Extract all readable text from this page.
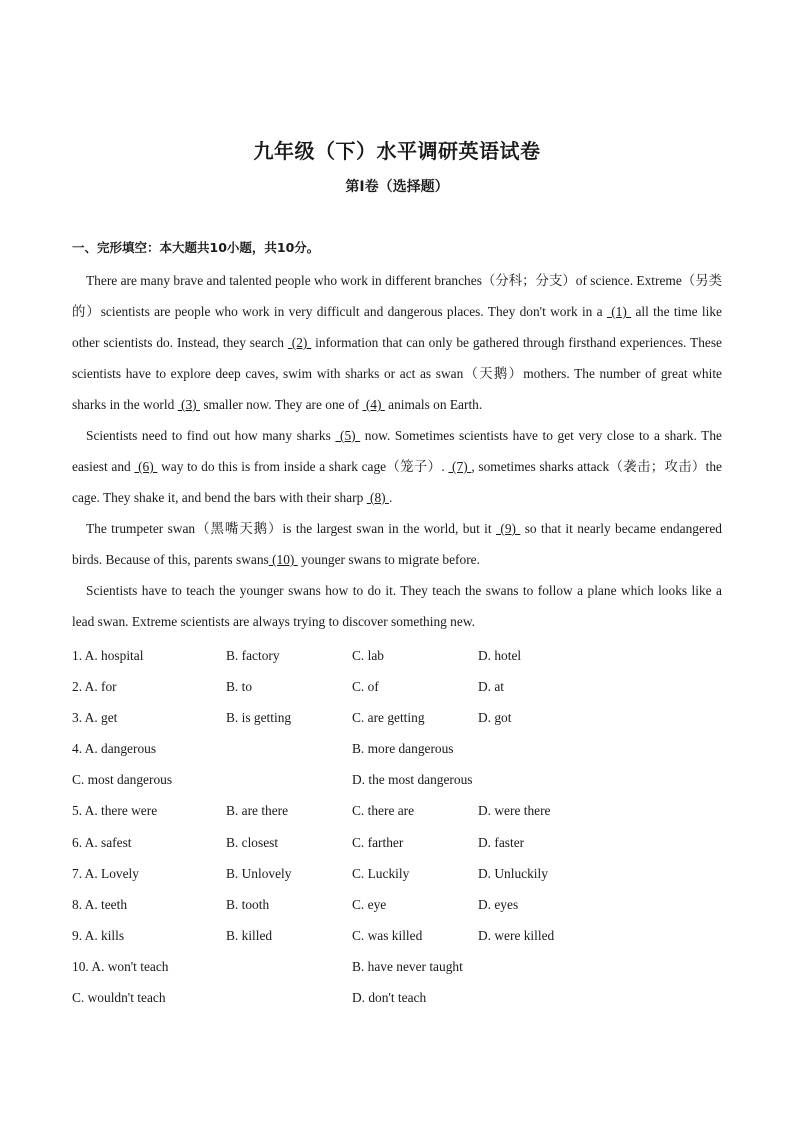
九年级（下）水平调研英语试卷
第Ⅰ卷（选择题）
一、完形填空：本大题共10小题，共10分。

There are many brave and talented people who work in different branches（分科；分支）of science. Extreme（另类的）scientists are people who work in very difficult and dangerous places. They don't work in a  (1)  all the time like other scientists do. Instead, they search  (2)  information that can only be gathered through firsthand experiences. These scientists have to explore deep caves, swim with sharks or act as swan（天鹅）mothers. The number of great white sharks in the world  (3)  smaller now. They are one of  (4)  animals on Earth.

Scientists need to find out how many sharks  (5)  now. Sometimes scientists have to get very close to a shark. The easiest and  (6)  way to do this is from inside a shark cage（笼子）.  (7) , sometimes sharks attack（袭击；攻击）the cage. They shake it, and bend the bars with their sharp  (8) .

The trumpeter swan（黑嘴天鹅）is the largest swan in the world, but it  (9)  so that it nearly became endangered birds. Because of this, parents swans (10)  younger swans to migrate before.

Scientists have to teach the younger swans how to do it. They teach the swans to follow a plane which looks like a lead swan. Extreme scientists are always trying to discover something new.

1. A. hospital	B. factory	C. lab	D. hotel
2. A. for	B. to	C. of	D. at
3. A. get	B. is getting	C. are getting	D. got
4. A. dangerous	B. more dangerous
C. most dangerous	D. the most dangerous
5. A. there were	B. are there	C. there are	D. were there
6. A. safest	B. closest	C. farther	D. faster
7. A. Lovely	B. Unlovely	C. Luckily	D. Unluckily
8. A. teeth	B. tooth	C. eye	D. eyes
9. A. kills	B. killed	C. was killed	D. were killed
10. A. won't teach	B. have never taught
C. wouldn't teach	D. don't teach
